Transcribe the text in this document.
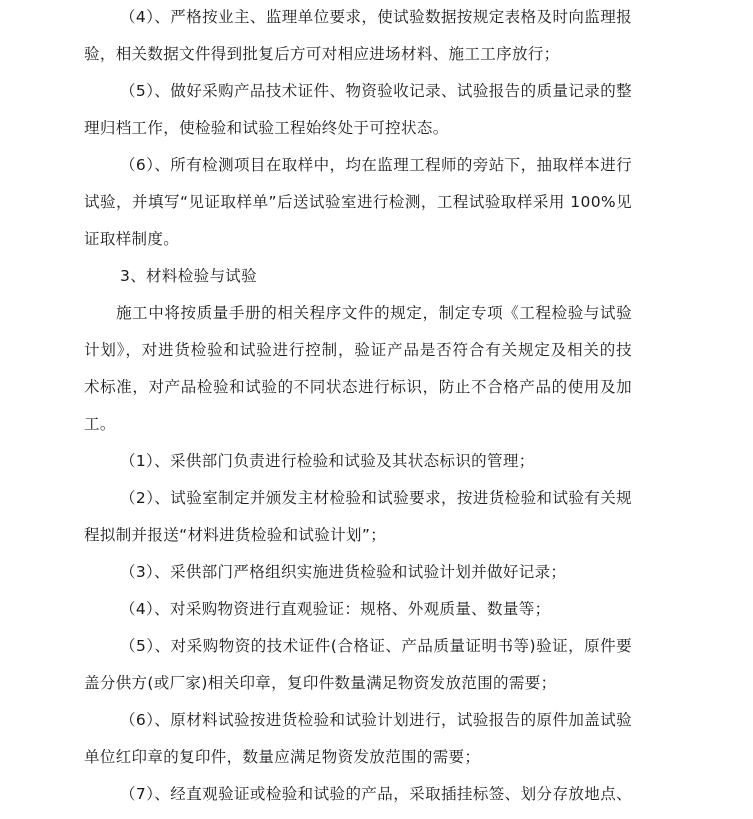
（4）、严格按业主、监理单位要求，使试验数据按规定表格及时向监理报
验，相关数据文件得到批复后方可对相应进场材料、施工工序放行；
（5）、做好采购产品技术证件、物资验收记录、试验报告的质量记录的整
理归档工作，使检验和试验工程始终处于可控状态。
（6）、所有检测项目在取样中，均在监理工程师的旁站下，抽取样本进行
试验，并填写“见证取样单”后送试验室进行检测，工程试验取样采用 100%见
证取样制度。
3、材料检验与试验
施工中将按质量手册的相关程序文件的规定，制定专项《工程检验与试验
计划》，对进货检验和试验进行控制，验证产品是否符合有关规定及相关的技
术标准，对产品检验和试验的不同状态进行标识，防止不合格产品的使用及加
工。
（1）、采供部门负责进行检验和试验及其状态标识的管理；
（2）、试验室制定并颁发主材检验和试验要求，按进货检验和试验有关规
程拟制并报送“材料进货检验和试验计划”；
（3）、采供部门严格组织实施进货检验和试验计划并做好记录；
（4）、对采购物资进行直观验证：规格、外观质量、数量等；
（5）、对采购物资的技术证件(合格证、产品质量证明书等)验证，原件要
盖分供方(或厂家)相关印章，复印件数量满足物资发放范围的需要；
（6）、原材料试验按进货检验和试验计划进行，试验报告的原件加盖试验
单位红印章的复印件，数量应满足物资发放范围的需要；
（7）、经直观验证或检验和试验的产品，采取插挂标签、划分存放地点、
